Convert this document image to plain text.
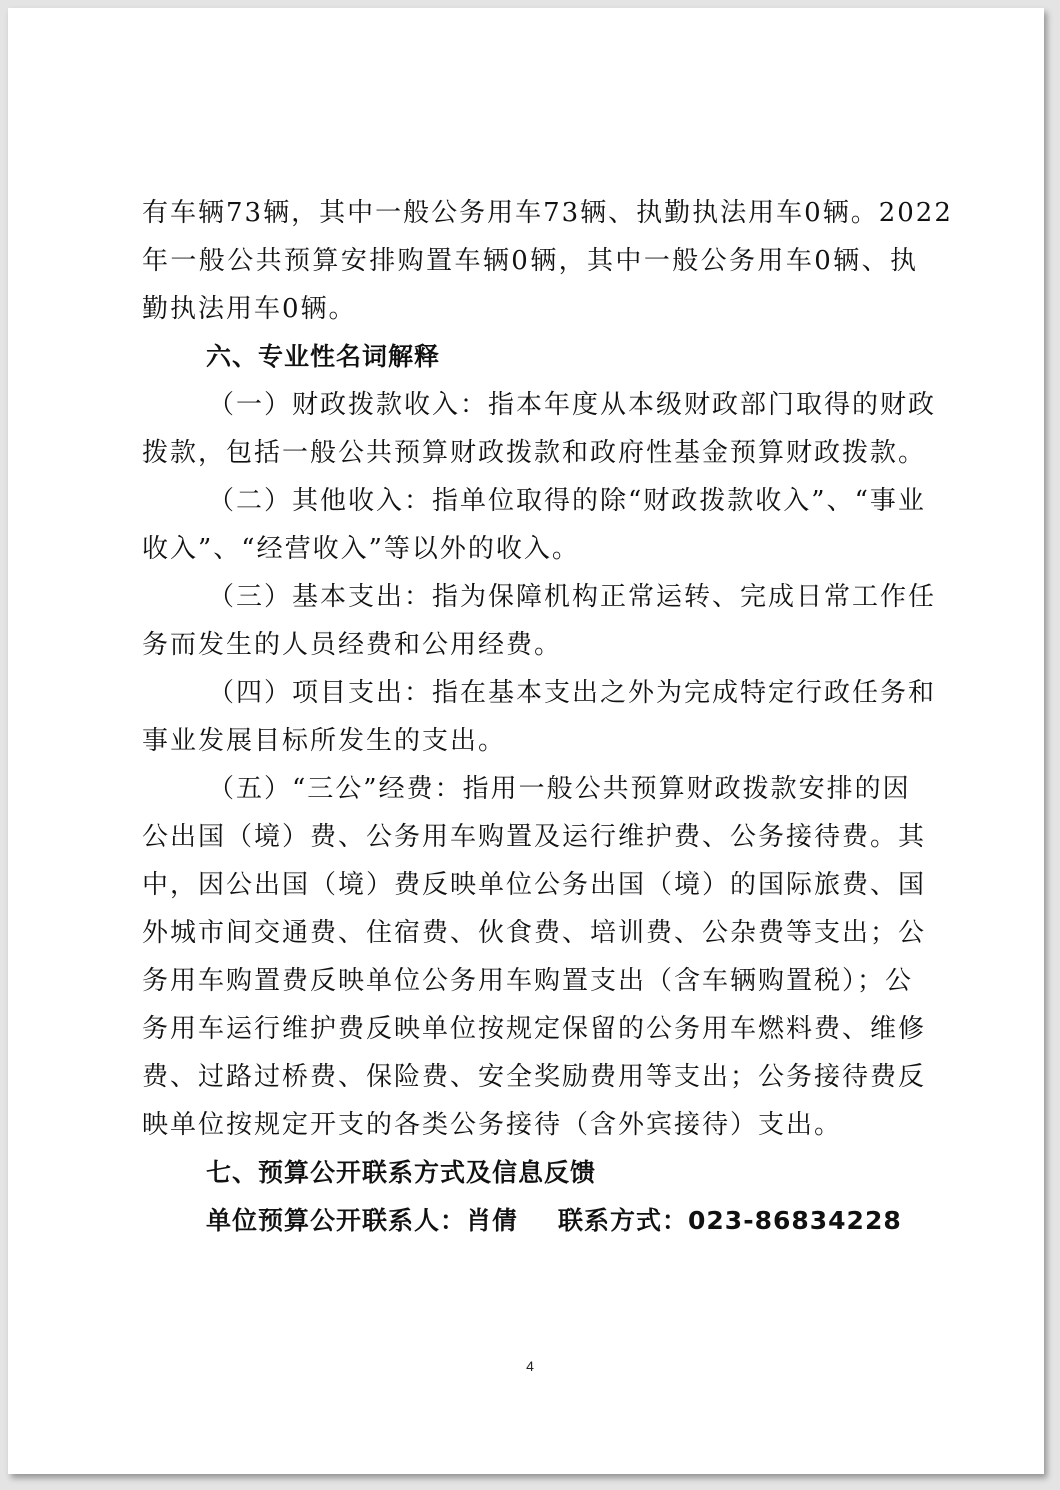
有车辆73辆，其中一般公务用车73辆、执勤执法用车0辆。2022
年一般公共预算安排购置车辆0辆，其中一般公务用车0辆、执
勤执法用车0辆。
六、专业性名词解释
（一）财政拨款收入：指本年度从本级财政部门取得的财政
拨款，包括一般公共预算财政拨款和政府性基金预算财政拨款。
（二）其他收入：指单位取得的除“财政拨款收入”、“事业
收入”、“经营收入”等以外的收入。
（三）基本支出：指为保障机构正常运转、完成日常工作任
务而发生的人员经费和公用经费。
（四）项目支出：指在基本支出之外为完成特定行政任务和
事业发展目标所发生的支出。
（五）“三公”经费：指用一般公共预算财政拨款安排的因
公出国（境）费、公务用车购置及运行维护费、公务接待费。其
中，因公出国（境）费反映单位公务出国（境）的国际旅费、国
外城市间交通费、住宿费、伙食费、培训费、公杂费等支出；公
务用车购置费反映单位公务用车购置支出（含车辆购置税）；公
务用车运行维护费反映单位按规定保留的公务用车燃料费、维修
费、过路过桥费、保险费、安全奖励费用等支出；公务接待费反
映单位按规定开支的各类公务接待（含外宾接待）支出。
七、预算公开联系方式及信息反馈
单位预算公开联系人：肖倩 联系方式：023-86834228
4
